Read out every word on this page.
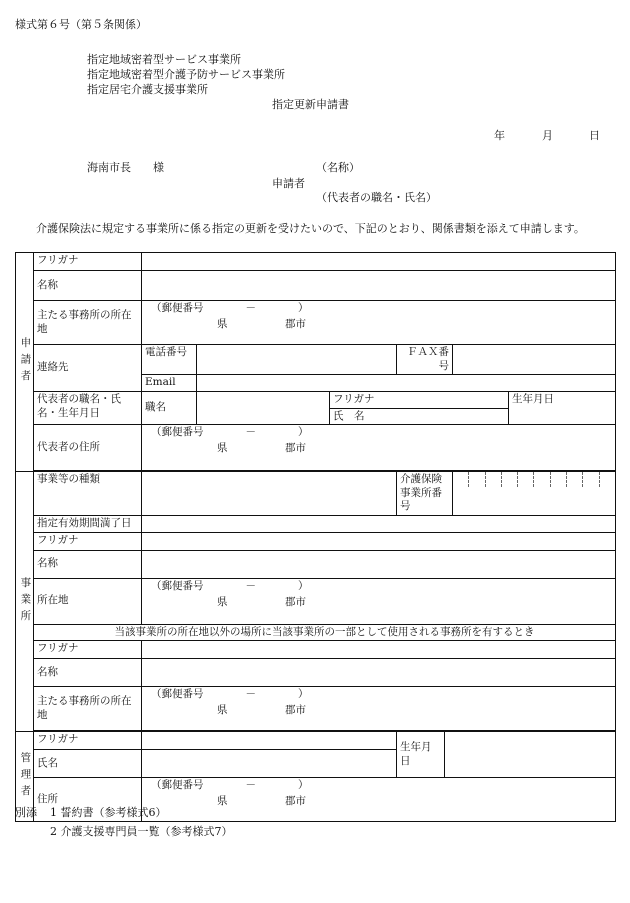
様式第６号（第５条関係）
指定地域密着型サービス事業所
指定地域密着型介護予防サービス事業所
指定居宅介護支援事業所
指定更新申請書
年	月	日
海南市長　　様	（名称）
申請者
（代表者の職名・氏名）
介護保険法に規定する事業所に係る指定の更新を受けたいので、下記のとおり、関係書類を添えて申請します。
申請者	フリガナ							
	名称							
	主たる事務所の所在地	（郵便番号　　　　－　　　　）
県 郡市						

	連絡先	電話番号			ＦＡＸ番号			
		Email						
	代表者の職名・氏名・生年月日	職名		フリガナ				生年月日
				氏　名				
	代表者の住所	（郵便番号　　　　－　　　　）
県 郡市						

事業所	事業等の種類				介護保険事業所番号			

	指定有効期間満了日							
	フリガナ							
	名称							
	所在地	（郵便番号　　　　－　　　　）
県 郡市						

	当該事業所の所在地以外の場所に当該事業所の一部として使用される事務所を有するとき							
	フリガナ							
	名称							
	主たる事務所の所在地	（郵便番号　　　　－　　　　）
県 郡市						

管理者	フリガナ				生年月日			
	氏名							
	住所	（郵便番号　　　　－　　　　）
県 郡市						
別添 1 誓約書（参考様式6）
2 介護支援専門員一覧（参考様式7）
